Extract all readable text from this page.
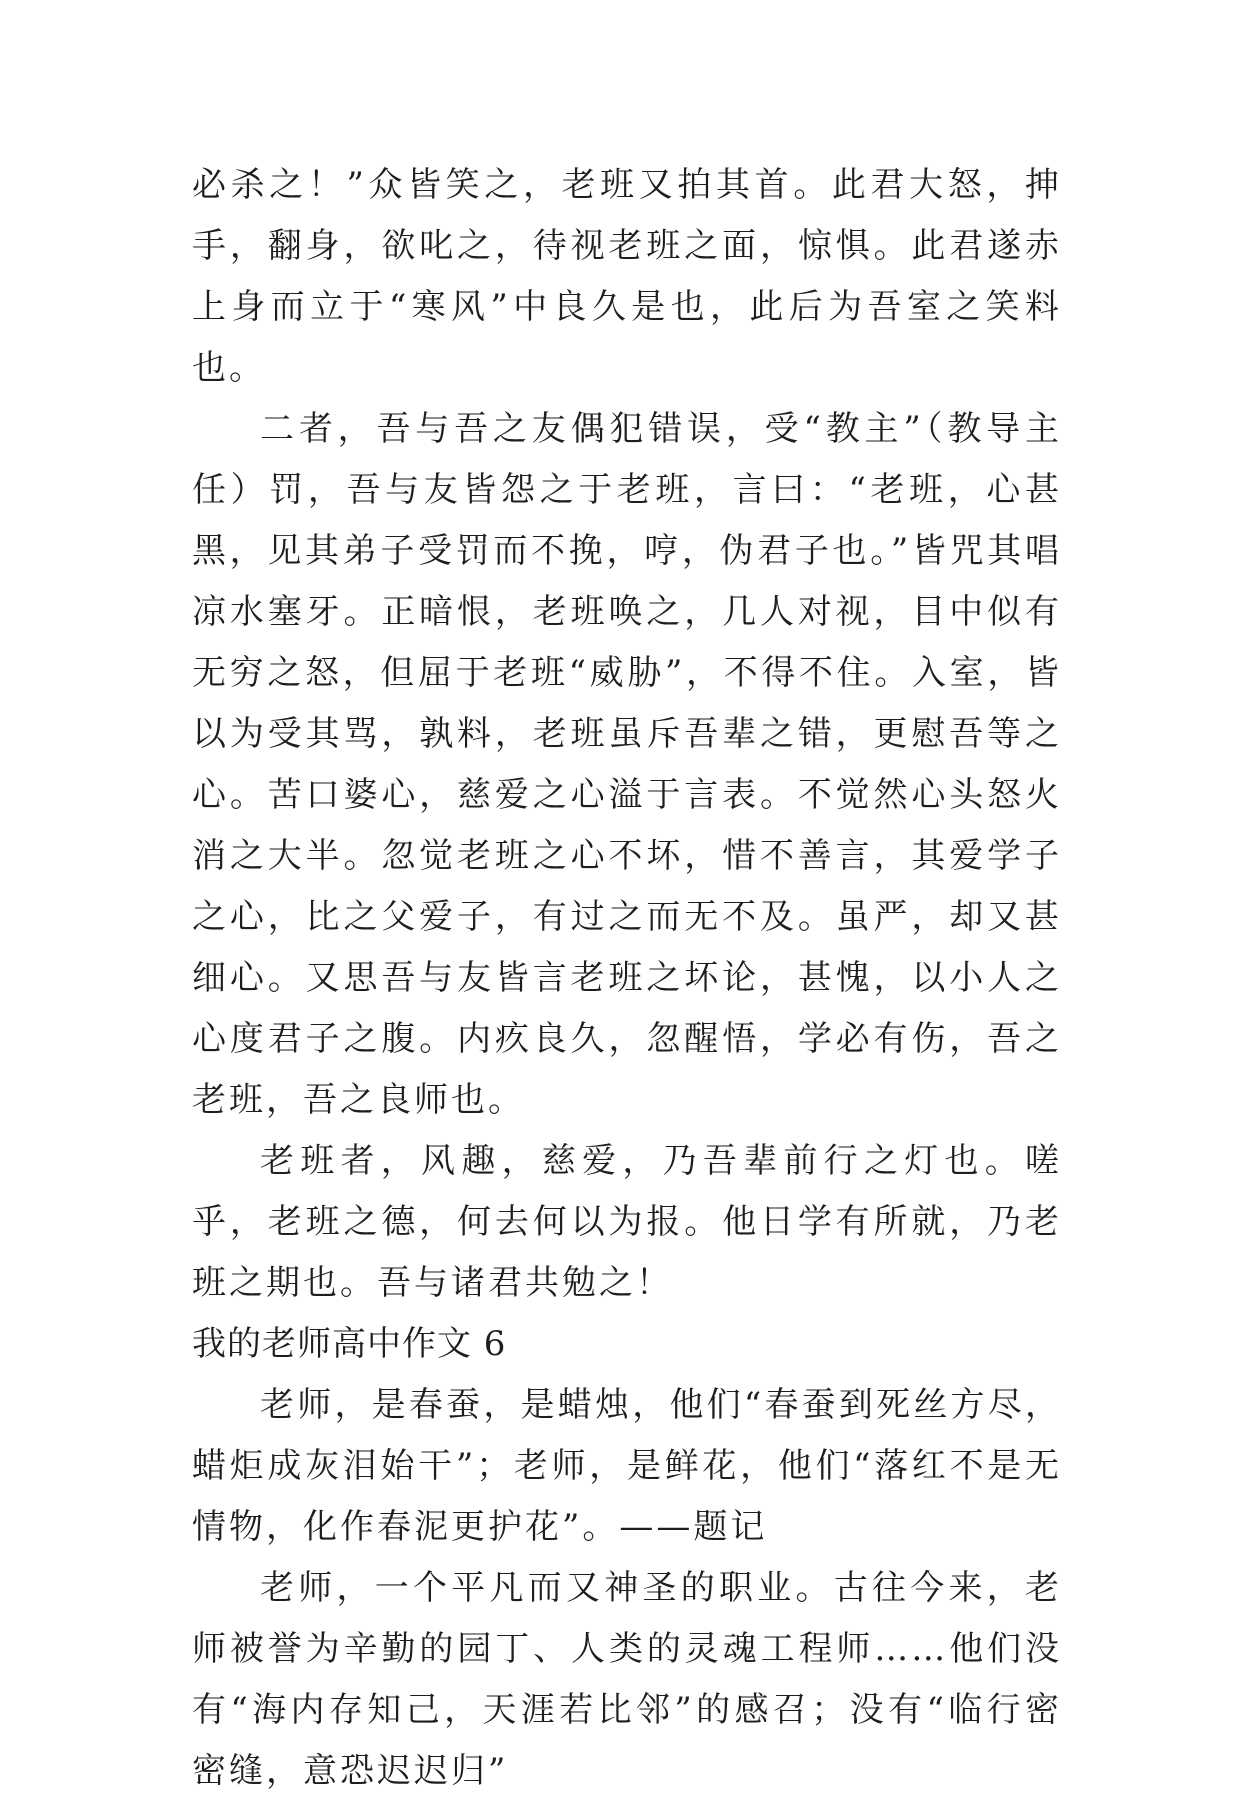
必杀之！”众皆笑之，老班又拍其首。此君大怒，抻手，翻身，欲叱之，待视老班之面，惊惧。此君遂赤上身而立于“寒风”中良久是也，此后为吾室之笑料也。

二者，吾与吾之友偶犯错误，受“教主”（教导主任）罚，吾与友皆怨之于老班，言曰：“老班，心甚黑，见其弟子受罚而不挽，哼，伪君子也。”皆咒其唱凉水塞牙。正暗恨，老班唤之，几人对视，目中似有无穷之怒，但屈于老班“威胁”，不得不住。入室，皆以为受其骂，孰料，老班虽斥吾辈之错，更慰吾等之心。苦口婆心，慈爱之心溢于言表。不觉然心头怒火消之大半。忽觉老班之心不坏，惜不善言，其爱学子之心，比之父爱子，有过之而无不及。虽严，却又甚细心。又思吾与友皆言老班之坏论，甚愧，以小人之心度君子之腹。内疚良久，忽醒悟，学必有伤，吾之老班，吾之良师也。

老班者，风趣，慈爱，乃吾辈前行之灯也。嗟乎，老班之德，何去何以为报。他日学有所就，乃老班之期也。吾与诸君共勉之！

我的老师高中作文 6

老师，是春蚕，是蜡烛，他们“春蚕到死丝方尽，蜡炬成灰泪始干”；老师，是鲜花，他们“落红不是无情物，化作春泥更护花”。——题记

老师，一个平凡而又神圣的职业。古往今来，老师被誉为辛勤的园丁、人类的灵魂工程师……他们没有“海内存知己，天涯若比邻”的感召；没有“临行密密缝，意恐迟迟归”
